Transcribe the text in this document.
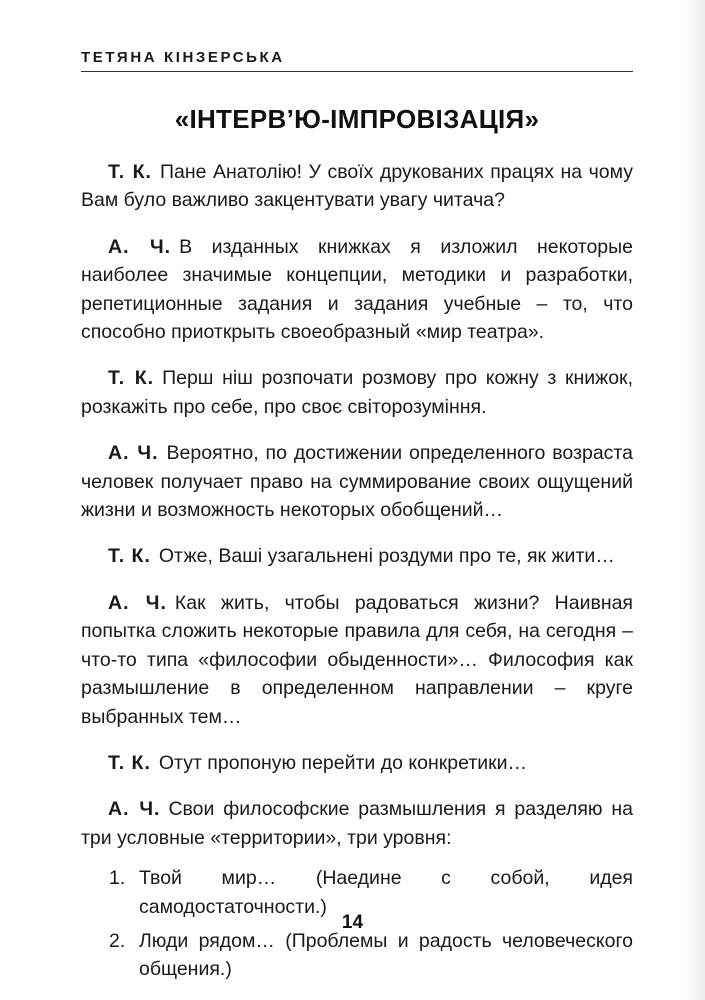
ТЕТЯНА КІНЗЕРСЬКА
«ІНТЕРВ’Ю-ІМПРОВІЗАЦІЯ»

Т. К. Пане Анатолію! У своїх друкованих працях на чому Вам було важливо закцентувати увагу читача?

А. Ч. В изданных книжках я изложил некоторые наиболее значимые концепции, методики и разработки, репетиционные задания и задания учебные – то, что способно приоткрыть своеобразный «мир театра».

Т. К. Перш ніш розпочати розмову про кожну з книжок, розкажіть про себе, про своє світорозуміння.

А. Ч. Вероятно, по достижении определенного возраста человек получает право на суммирование своих ощущений жизни и возможность некоторых обобщений…

Т. К. Отже, Ваші узагальнені роздуми про те, як жити…

А. Ч. Как жить, чтобы радоваться жизни? Наивная попытка сложить некоторые правила для себя, на сегодня – что-то типа «философии обыденности»… Философия как размышление в определенном направлении – круге выбранных тем…

Т. К. Отут пропоную перейти до конкретики…

А. Ч. Свои философские размышления я разделяю на три условные «территории», три уровня:

1. Твой мир… (Наедине с собой, идея самодостаточности.)
2. Люди рядом… (Проблемы и радость человеческого общения.)
14
